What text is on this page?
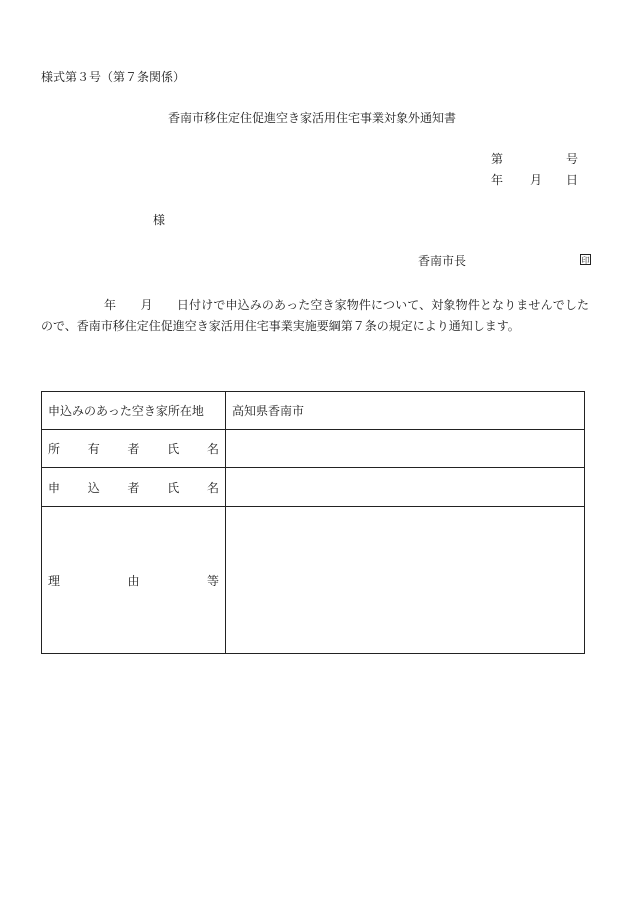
様式第３号（第７条関係）
香南市移住定住促進空き家活用住宅事業対象外通知書
第	号
年 月 日
様
香南市長	印
年　　 月　　 日付けで申込みのあった空き家物件について、対象物件となりませんでしたので、香南市移住定住促進空き家活用住宅事業実施要綱第７条の規定により通知します。
申込みのあった空き家所在地	高知県香南市

所 有 者 氏 名	

申 込 者 氏 名	

理 由 等	
